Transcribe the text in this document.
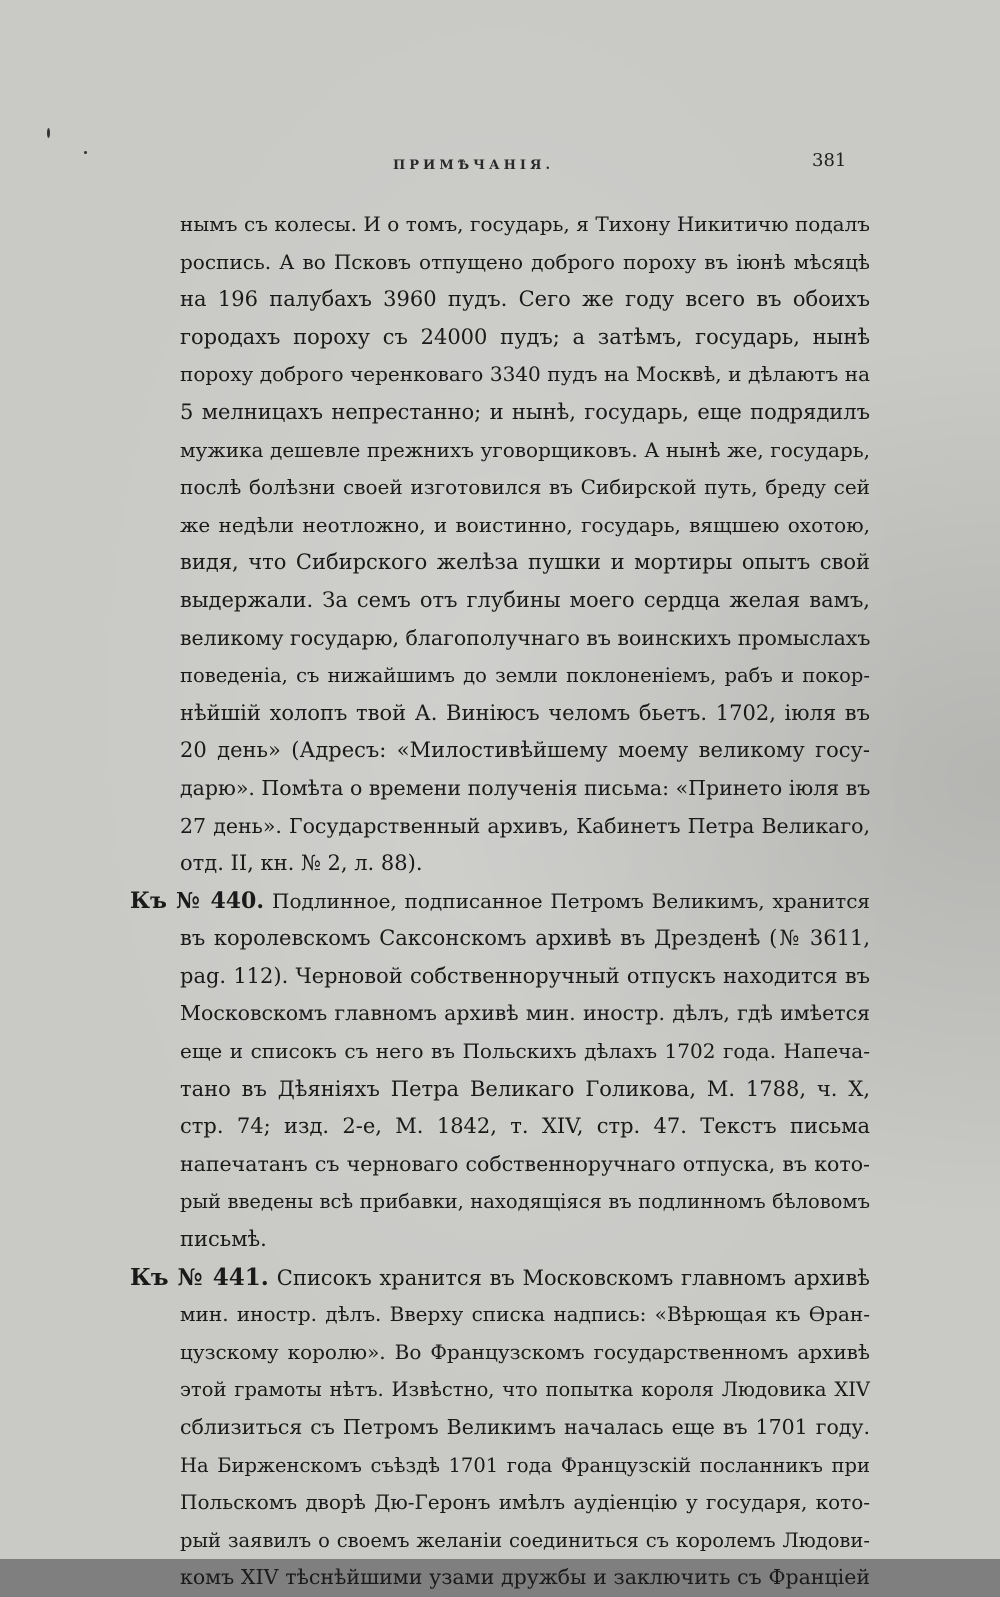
ПРИМѢЧАНІЯ.	381
нымъ съ колесы. И о томъ, государь, я Тихону Никитичю подалъ
роспись. А во Псковъ отпущено доброго пороху въ іюнѣ мѣсяцѣ
на 196 палубахъ 3960 пудъ. Сего же году всего въ обоихъ
городахъ пороху съ 24000 пудъ; а затѣмъ, государь, нынѣ
пороху доброго черенковаго 3340 пудъ на Москвѣ, и дѣлаютъ на
5 мелницахъ непрестанно; и нынѣ, государь, еще подрядилъ
мужика дешевле прежнихъ уговорщиковъ. А нынѣ же, государь,
послѣ болѣзни своей изготовился въ Сибирской путь, бреду сей
же недѣли неотложно, и воистинно, государь, вящшею охотою,
видя, что Сибирского желѣза пушки и мортиры опытъ свой
выдержали. За семъ отъ глубины моего сердца желая вамъ,
великому государю, благополучнаго въ воинскихъ промыслахъ
поведенiа, съ нижайшимъ до земли поклоненіемъ, рабъ и покор-
нѣйшій холопъ твой А. Виніюсъ челомъ бьетъ. 1702, іюля въ
20 день» (Адресъ: «Милостивѣйшему моему великому госу-
дарю». Помѣта о времени полученія письма: «Принето іюля въ
27 день». Государственный архивъ, Кабинетъ Петра Великаго,
отд. II, кн. № 2, л. 88).
Къ № 440. Подлинное, подписанное Петромъ Великимъ, хранится
въ королевскомъ Саксонскомъ архивѣ въ Дрезденѣ (№ 3611,
pag. 112). Черновой собственноручный отпускъ находится въ
Московскомъ главномъ архивѣ мин. иностр. дѣлъ, гдѣ имѣется
еще и списокъ съ него въ Польскихъ дѣлахъ 1702 года. Напеча-
тано въ Дѣяніяхъ Петра Великаго Голикова, М. 1788, ч. Х,
стр. 74; изд. 2-е, М. 1842, т. XIV, стр. 47. Текстъ письма
напечатанъ съ черноваго собственноручнаго отпуска, въ кото-
рый введены всѣ прибавки, находящіяся въ подлинномъ бѣловомъ
письмѣ.
Къ № 441. Списокъ хранится въ Московскомъ главномъ архивѣ
мин. иностр. дѣлъ. Вверху списка надпись: «Вѣрющая къ Ѳран-
цузскому королю». Во Французскомъ государственномъ архивѣ
этой грамоты нѣтъ. Извѣстно, что попытка короля Людовика XIV
сблизиться съ Петромъ Великимъ началась еще въ 1701 году.
На Бирженскомъ съѣздѣ 1701 года Французскій посланникъ при
Польскомъ дворѣ Дю-Геронъ имѣлъ аудіенцію у государя, кото-
рый заявилъ о своемъ желаніи соединиться съ королемъ Людови-
комъ XIV тѣснѣйшими узами дружбы и заключить съ Франціей
